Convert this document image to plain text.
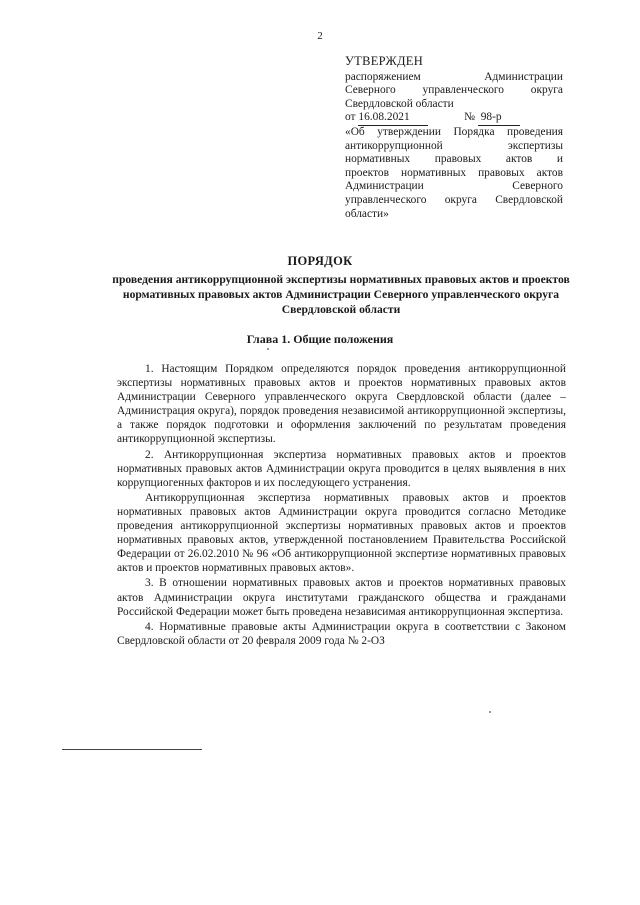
2
УТВЕРЖДЕН
распоряжением Администрации
Северного управленческого округа
Свердловской области
от 16.08.2021	№ 98-р
«Об утверждении Порядка проведения
антикоррупционной экспертизы
нормативных правовых актов и
проектов нормативных правовых актов
Администрации Северного
управленческого округа Свердловской
области»
ПОРЯДОК
проведения антикоррупционной экспертизы нормативных правовых актов и проектов нормативных правовых актов Администрации Северного управленческого округа Свердловской области
Глава 1. Общие положения

1. Настоящим Порядком определяются порядок проведения антикоррупционной экспертизы нормативных правовых актов и проектов нормативных правовых актов Администрации Северного управленческого округа Свердловской области (далее – Администрация округа), порядок проведения независимой антикоррупционной экспертизы, а также порядок подготовки и оформления заключений по результатам проведения антикоррупционной экспертизы.

2. Антикоррупционная экспертиза нормативных правовых актов и проектов нормативных правовых актов Администрации округа проводится в целях выявления в них коррупциогенных факторов и их последующего устранения.

Антикоррупционная экспертиза нормативных правовых актов и проектов нормативных правовых актов Администрации округа проводится согласно Методике проведения антикоррупционной экспертизы нормативных правовых актов и проектов нормативных правовых актов, утвержденной постановлением Правительства Российской Федерации от 26.02.2010 № 96 «Об антикоррупционной экспертизе нормативных правовых актов и проектов нормативных правовых актов».

3. В отношении нормативных правовых актов и проектов нормативных правовых актов Администрации округа институтами гражданского общества и гражданами Российской Федерации может быть проведена независимая антикоррупционная экспертиза.

4. Нормативные правовые акты Администрации округа в соответствии с Законом Свердловской области от 20 февраля 2009 года № 2-ОЗ
